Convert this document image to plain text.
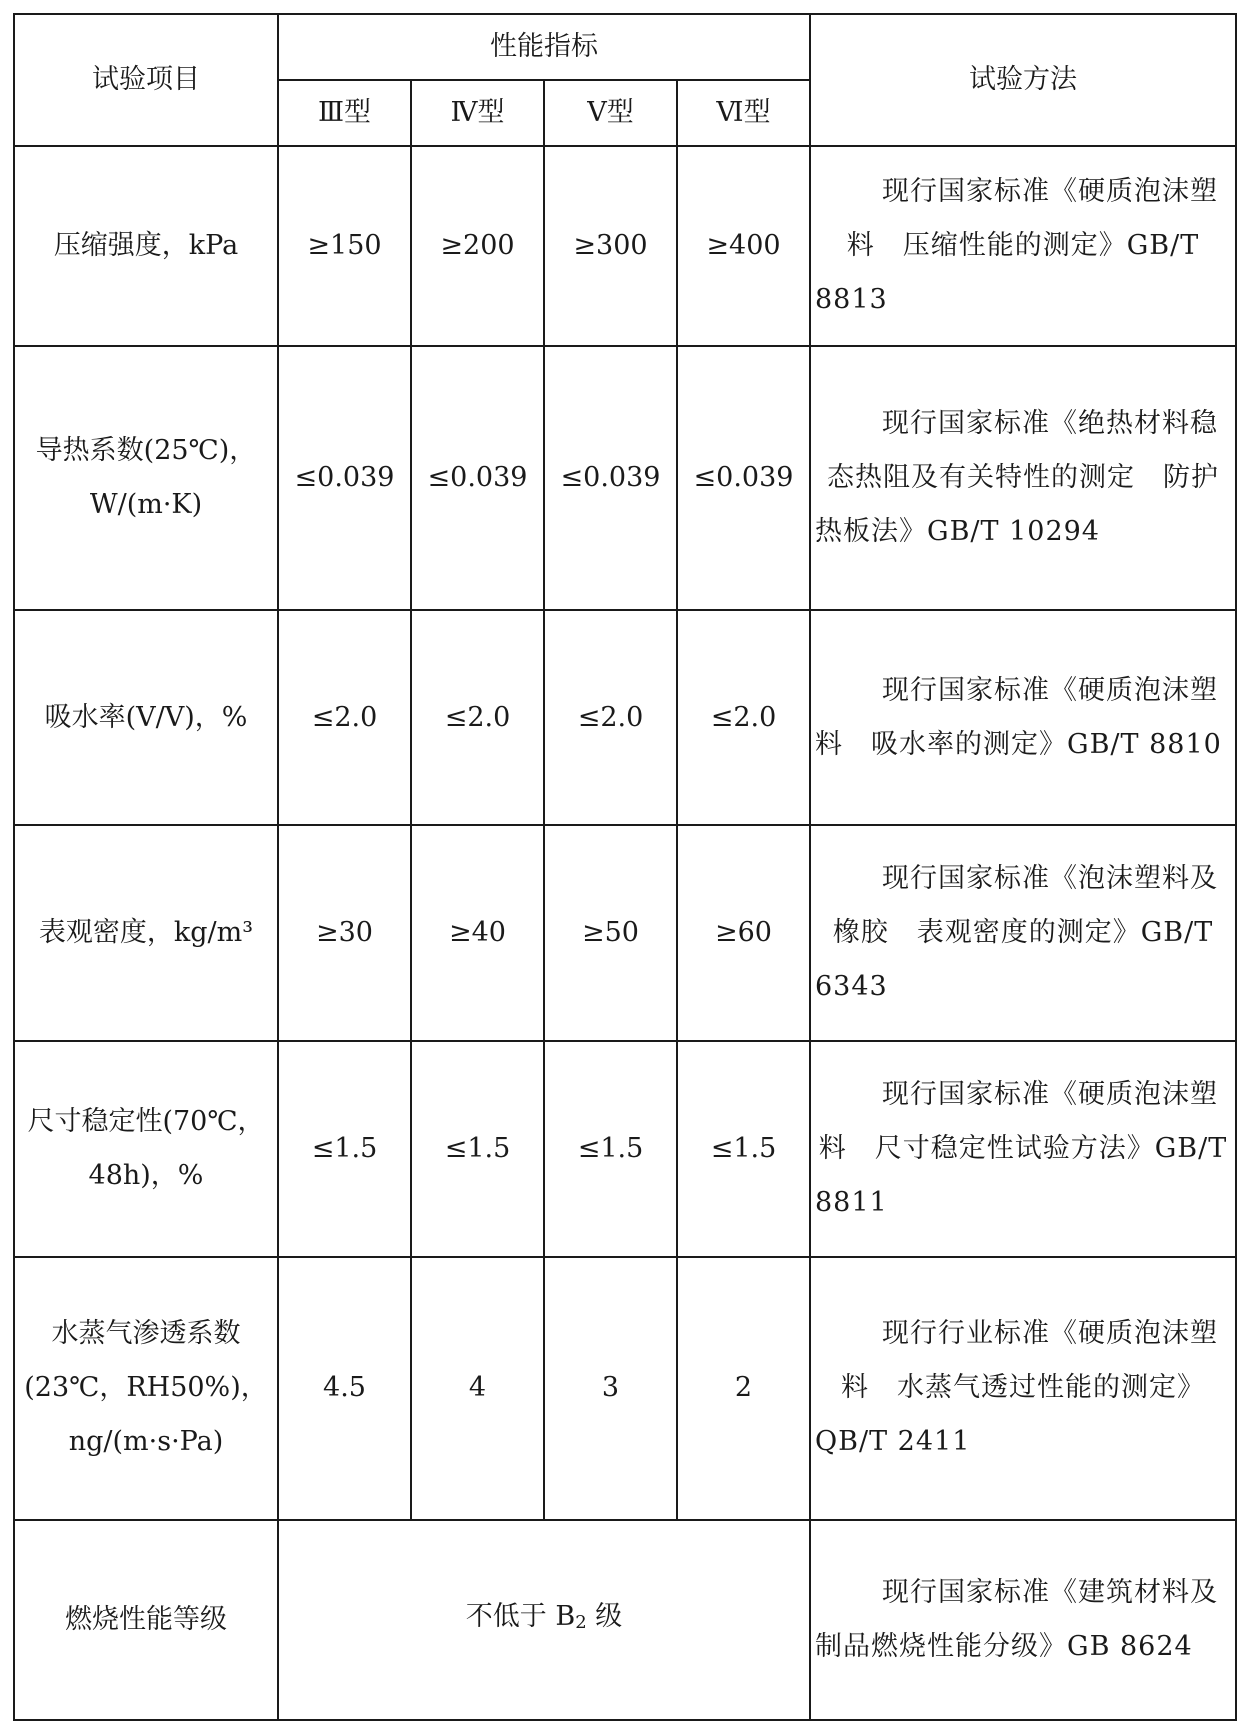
试验项目	性能指标				试验方法
	Ⅲ型	Ⅳ型	Ⅴ型	Ⅵ型	

压缩强度，kPa	≥150	≥200	≥300	≥400	现行国家标准《硬质泡沫塑料　压缩性能的测定》GB/T 8813

导热系数(25℃)，W/(m·K)	≤0.039	≤0.039	≤0.039	≤0.039	现行国家标准《绝热材料稳态热阻及有关特性的测定　防护热板法》GB/T 10294

吸水率(V/V)，%	≤2.0	≤2.0	≤2.0	≤2.0	现行国家标准《硬质泡沫塑料　吸水率的测定》GB/T 8810

表观密度，kg/m³	≥30	≥40	≥50	≥60	现行国家标准《泡沫塑料及橡胶　表观密度的测定》GB/T 6343

尺寸稳定性(70℃，48h)，%	≤1.5	≤1.5	≤1.5	≤1.5	现行国家标准《硬质泡沫塑料　尺寸稳定性试验方法》GB/T 8811

水蒸气渗透系数(23℃，RH50%)，ng/(m·s·Pa)	4.5	4	3	2	现行行业标准《硬质泡沫塑料　水蒸气透过性能的测定》QB/T 2411

燃烧性能等级	不低于 B2 级				现行国家标准《建筑材料及制品燃烧性能分级》GB 8624
